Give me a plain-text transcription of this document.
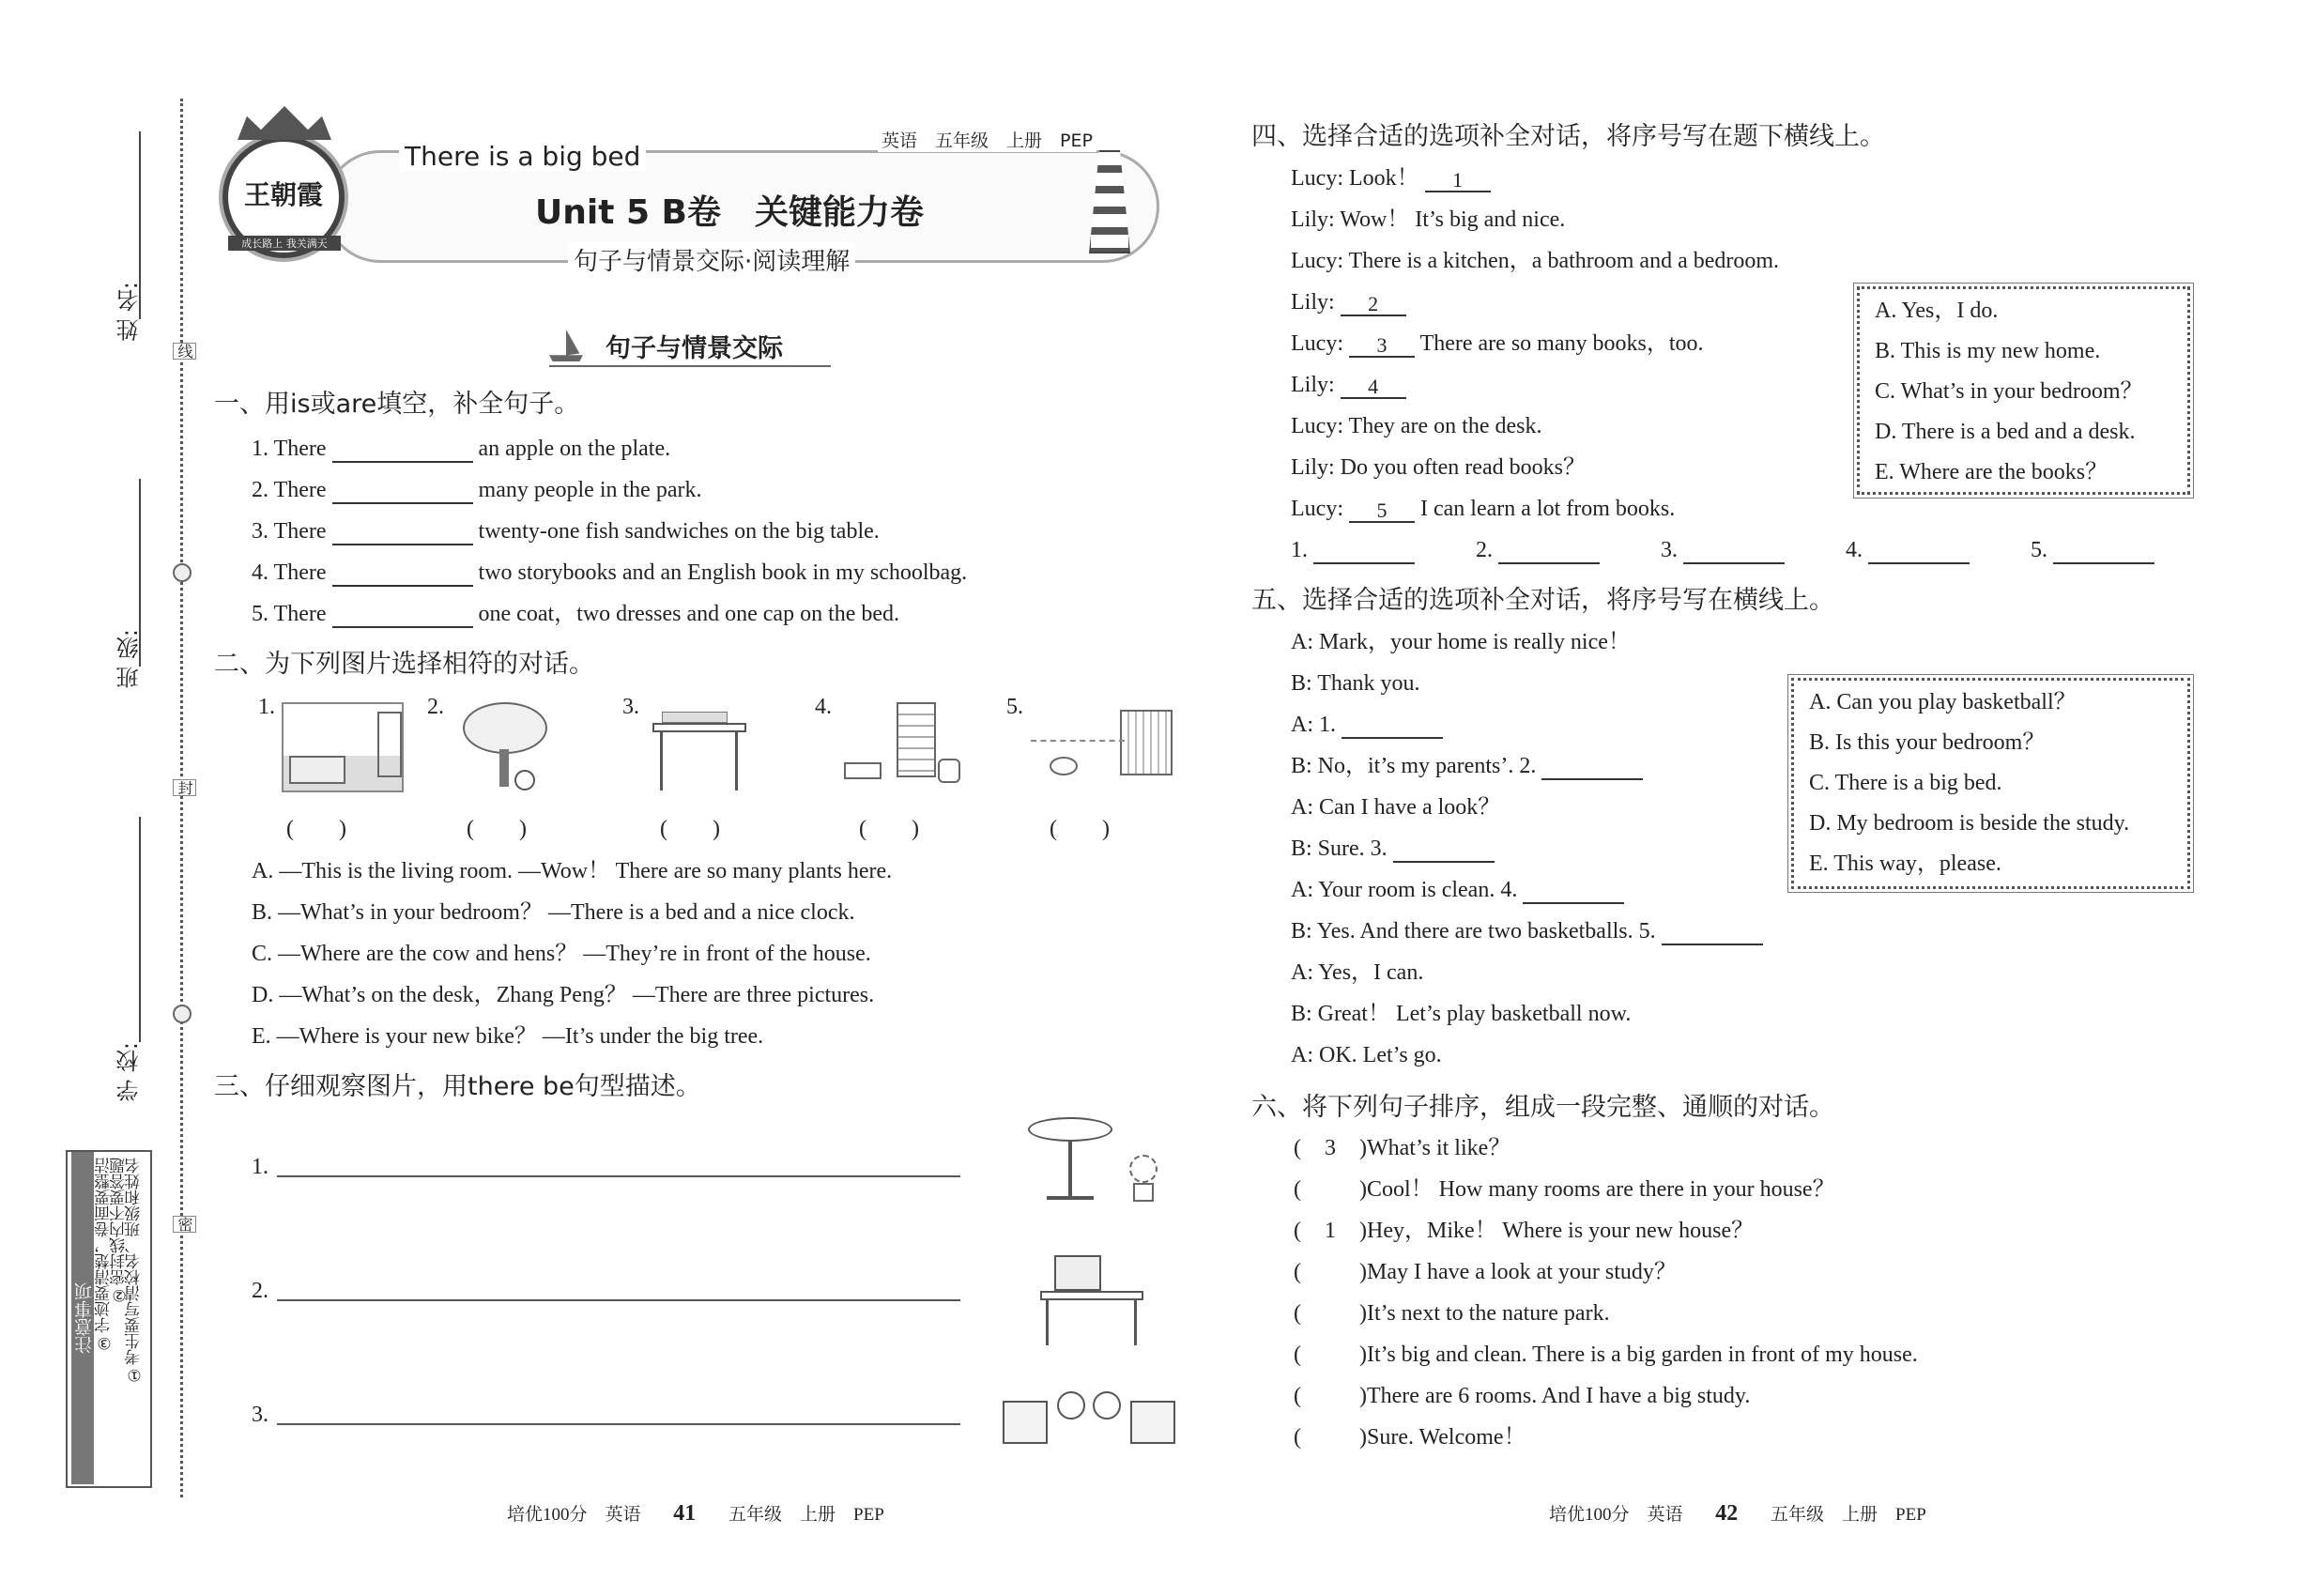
姓 名:
班 级:
学 校:
线
封
密
注意事项 ①考生要写清校名、班级和姓名
②密封线内不要答题
③字迹要清楚，卷面要整洁
王朝霞
成长路上 我关满天
There is a big bed	英语　五年级　上册　PEP
Unit 5 B卷　关键能力卷
句子与情景交际·阅读理解
句子与情景交际
一、用is或are填空，补全句子。
1. There	an apple on the plate.
2. There	many people in the park.
3. There	twenty-one fish sandwiches on the big table.
4. There	two storybooks and an English book in my schoolbag.
5. There	one coat，two dresses and one cap on the bed.
二、为下列图片选择相符的对话。
1.	2.	3.	4.	5.
(　　)	(　　)	(　　)	(　　)	(　　)
A. —This is the living room. —Wow！ There are so many plants here.
B. —What’s in your bedroom？ —There is a bed and a nice clock.
C. —Where are the cow and hens？ —They’re in front of the house.
D. —What’s on the desk，Zhang Peng？ —There are three pictures.
E. —Where is your new bike？ —It’s under the big tree.
三、仔细观察图片，用there be句型描述。
1.
2.
3.
培优100分　英语 41 五年级　上册　PEP
四、选择合适的选项补全对话，将序号写在题下横线上。
Lucy: Look！ 1
Lily: Wow！ It’s big and nice.
Lucy: There is a kitchen，a bathroom and a bedroom.
Lily: 2
Lucy: 3 There are so many books，too.
Lily: 4
Lucy: They are on the desk.
Lily: Do you often read books？
Lucy: 5 I can learn a lot from books.
A. Yes，I do.
B. This is my new home.
C. What’s in your bedroom？
D. There is a bed and a desk.
E. Where are the books？
1.	2.	3.	4.	5.
五、选择合适的选项补全对话，将序号写在横线上。
A: Mark，your home is really nice！
B: Thank you.
A: 1.
B: No，it’s my parents’. 2.
A: Can I have a look？
B: Sure. 3.
A: Your room is clean. 4.
B: Yes. And there are two basketballs. 5.
A: Yes，I can.
B: Great！ Let’s play basketball now.
A: OK. Let’s go.
A. Can you play basketball？
B. Is this your bedroom？
C. There is a big bed.
D. My bedroom is beside the study.
E. This way，please.
六、将下列句子排序，组成一段完整、通顺的对话。
( 3 )What’s it like？
(	)Cool！ How many rooms are there in your house？
( 1 )Hey，Mike！ Where is your new house？
(	)May I have a look at your study？
(	)It’s next to the nature park.
(	)It’s big and clean. There is a big garden in front of my house.
(	)There are 6 rooms. And I have a big study.
(	)Sure. Welcome！
培优100分　英语 42 五年级　上册　PEP
